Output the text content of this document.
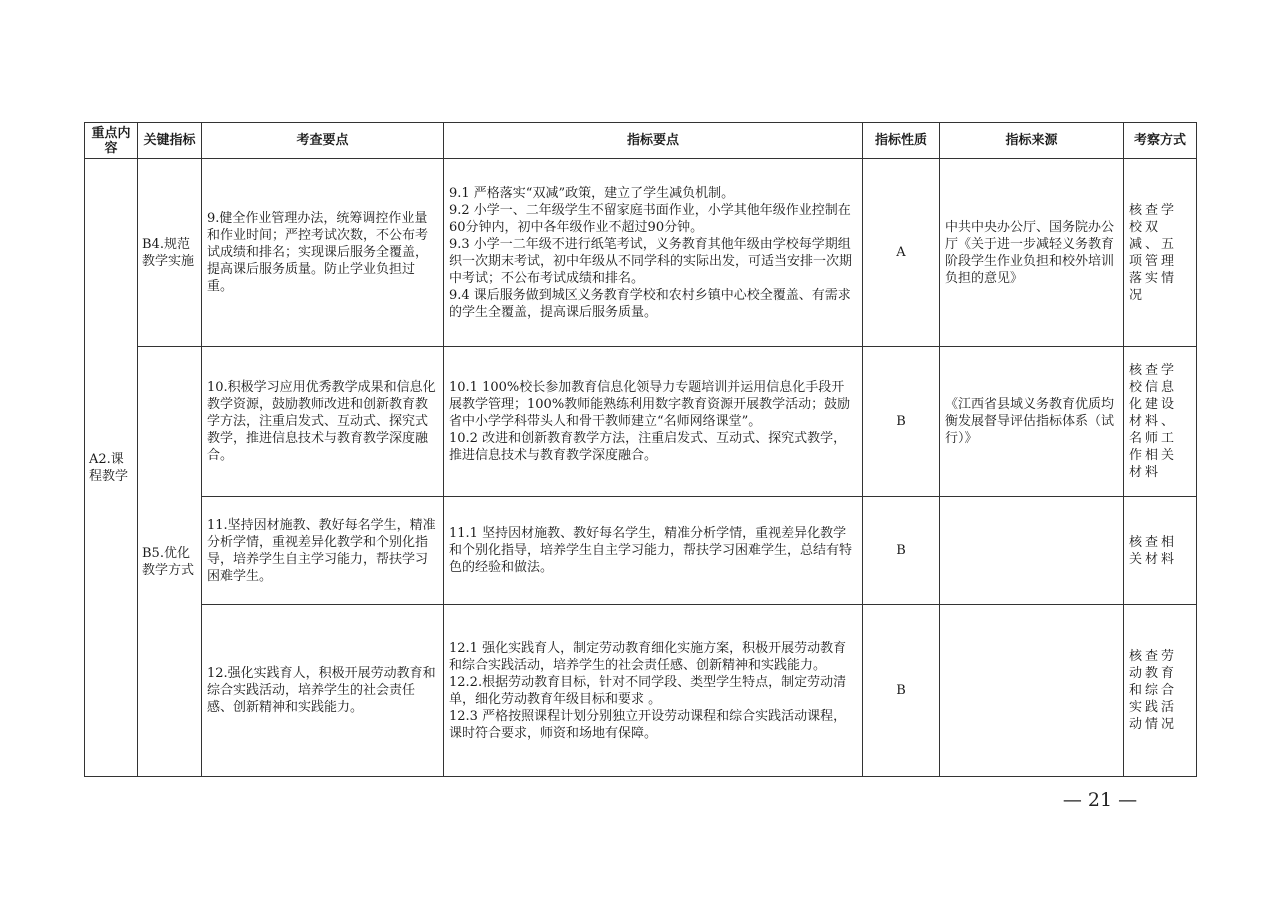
重点内容	关键指标	考查要点	指标要点	指标性质	指标来源	考察方式
A2.课程教学	B4.规范教学实施	9.健全作业管理办法，统筹调控作业量和作业时间；严控考试次数，不公布考试成绩和排名；实现课后服务全覆盖，提高课后服务质量。防止学业负担过重。	9.1 严格落实“双减”政策，建立了学生减负机制。
9.2 小学一、二年级学生不留家庭书面作业，小学其他年级作业控制在60分钟内，初中各年级作业不超过90分钟。
9.3 小学一二年级不进行纸笔考试，义务教育其他年级由学校每学期组织一次期末考试，初中年级从不同学科的实际出发，可适当安排一次期中考试；不公布考试成绩和排名。
9.4 课后服务做到城区义务教育学校和农村乡镇中心校全覆盖、有需求的学生全覆盖，提高课后服务质量。	A	中共中央办公厅、国务院办公厅《关于进一步减轻义务教育阶段学生作业负担和校外培训负担的意见》	核查学校双减、五项管理落实情况
	B5.优化教学方式	10.积极学习应用优秀教学成果和信息化教学资源，鼓励教师改进和创新教育教学方法，注重启发式、互动式、探究式教学，推进信息技术与教育教学深度融合。	10.1 100%校长参加教育信息化领导力专题培训并运用信息化手段开展教学管理；100%教师能熟练利用数字教育资源开展教学活动；鼓励省中小学学科带头人和骨干教师建立“名师网络课堂”。
10.2 改进和创新教育教学方法，注重启发式、互动式、探究式教学，推进信息技术与教育教学深度融合。	B	《江西省县域义务教育优质均衡发展督导评估指标体系（试行）》	核查学校信息化建设材料、名师工作相关材料
		11.坚持因材施教、教好每名学生，精准分析学情，重视差异化教学和个别化指导，培养学生自主学习能力，帮扶学习困难学生。	11.1 坚持因材施教、教好每名学生，精准分析学情，重视差异化教学和个别化指导，培养学生自主学习能力，帮扶学习困难学生，总结有特色的经验和做法。	B		核查相关材料
		12.强化实践育人，积极开展劳动教育和综合实践活动，培养学生的社会责任感、创新精神和实践能力。	12.1 强化实践育人，制定劳动教育细化实施方案，积极开展劳动教育和综合实践活动，培养学生的社会责任感、创新精神和实践能力。
12.2.根据劳动教育目标，针对不同学段、类型学生特点，制定劳动清单，细化劳动教育年级目标和要求 。
12.3 严格按照课程计划分别独立开设劳动课程和综合实践活动课程，课时符合要求，师资和场地有保障。	B		核查劳动教育和综合实践活动情况
— 21 —
